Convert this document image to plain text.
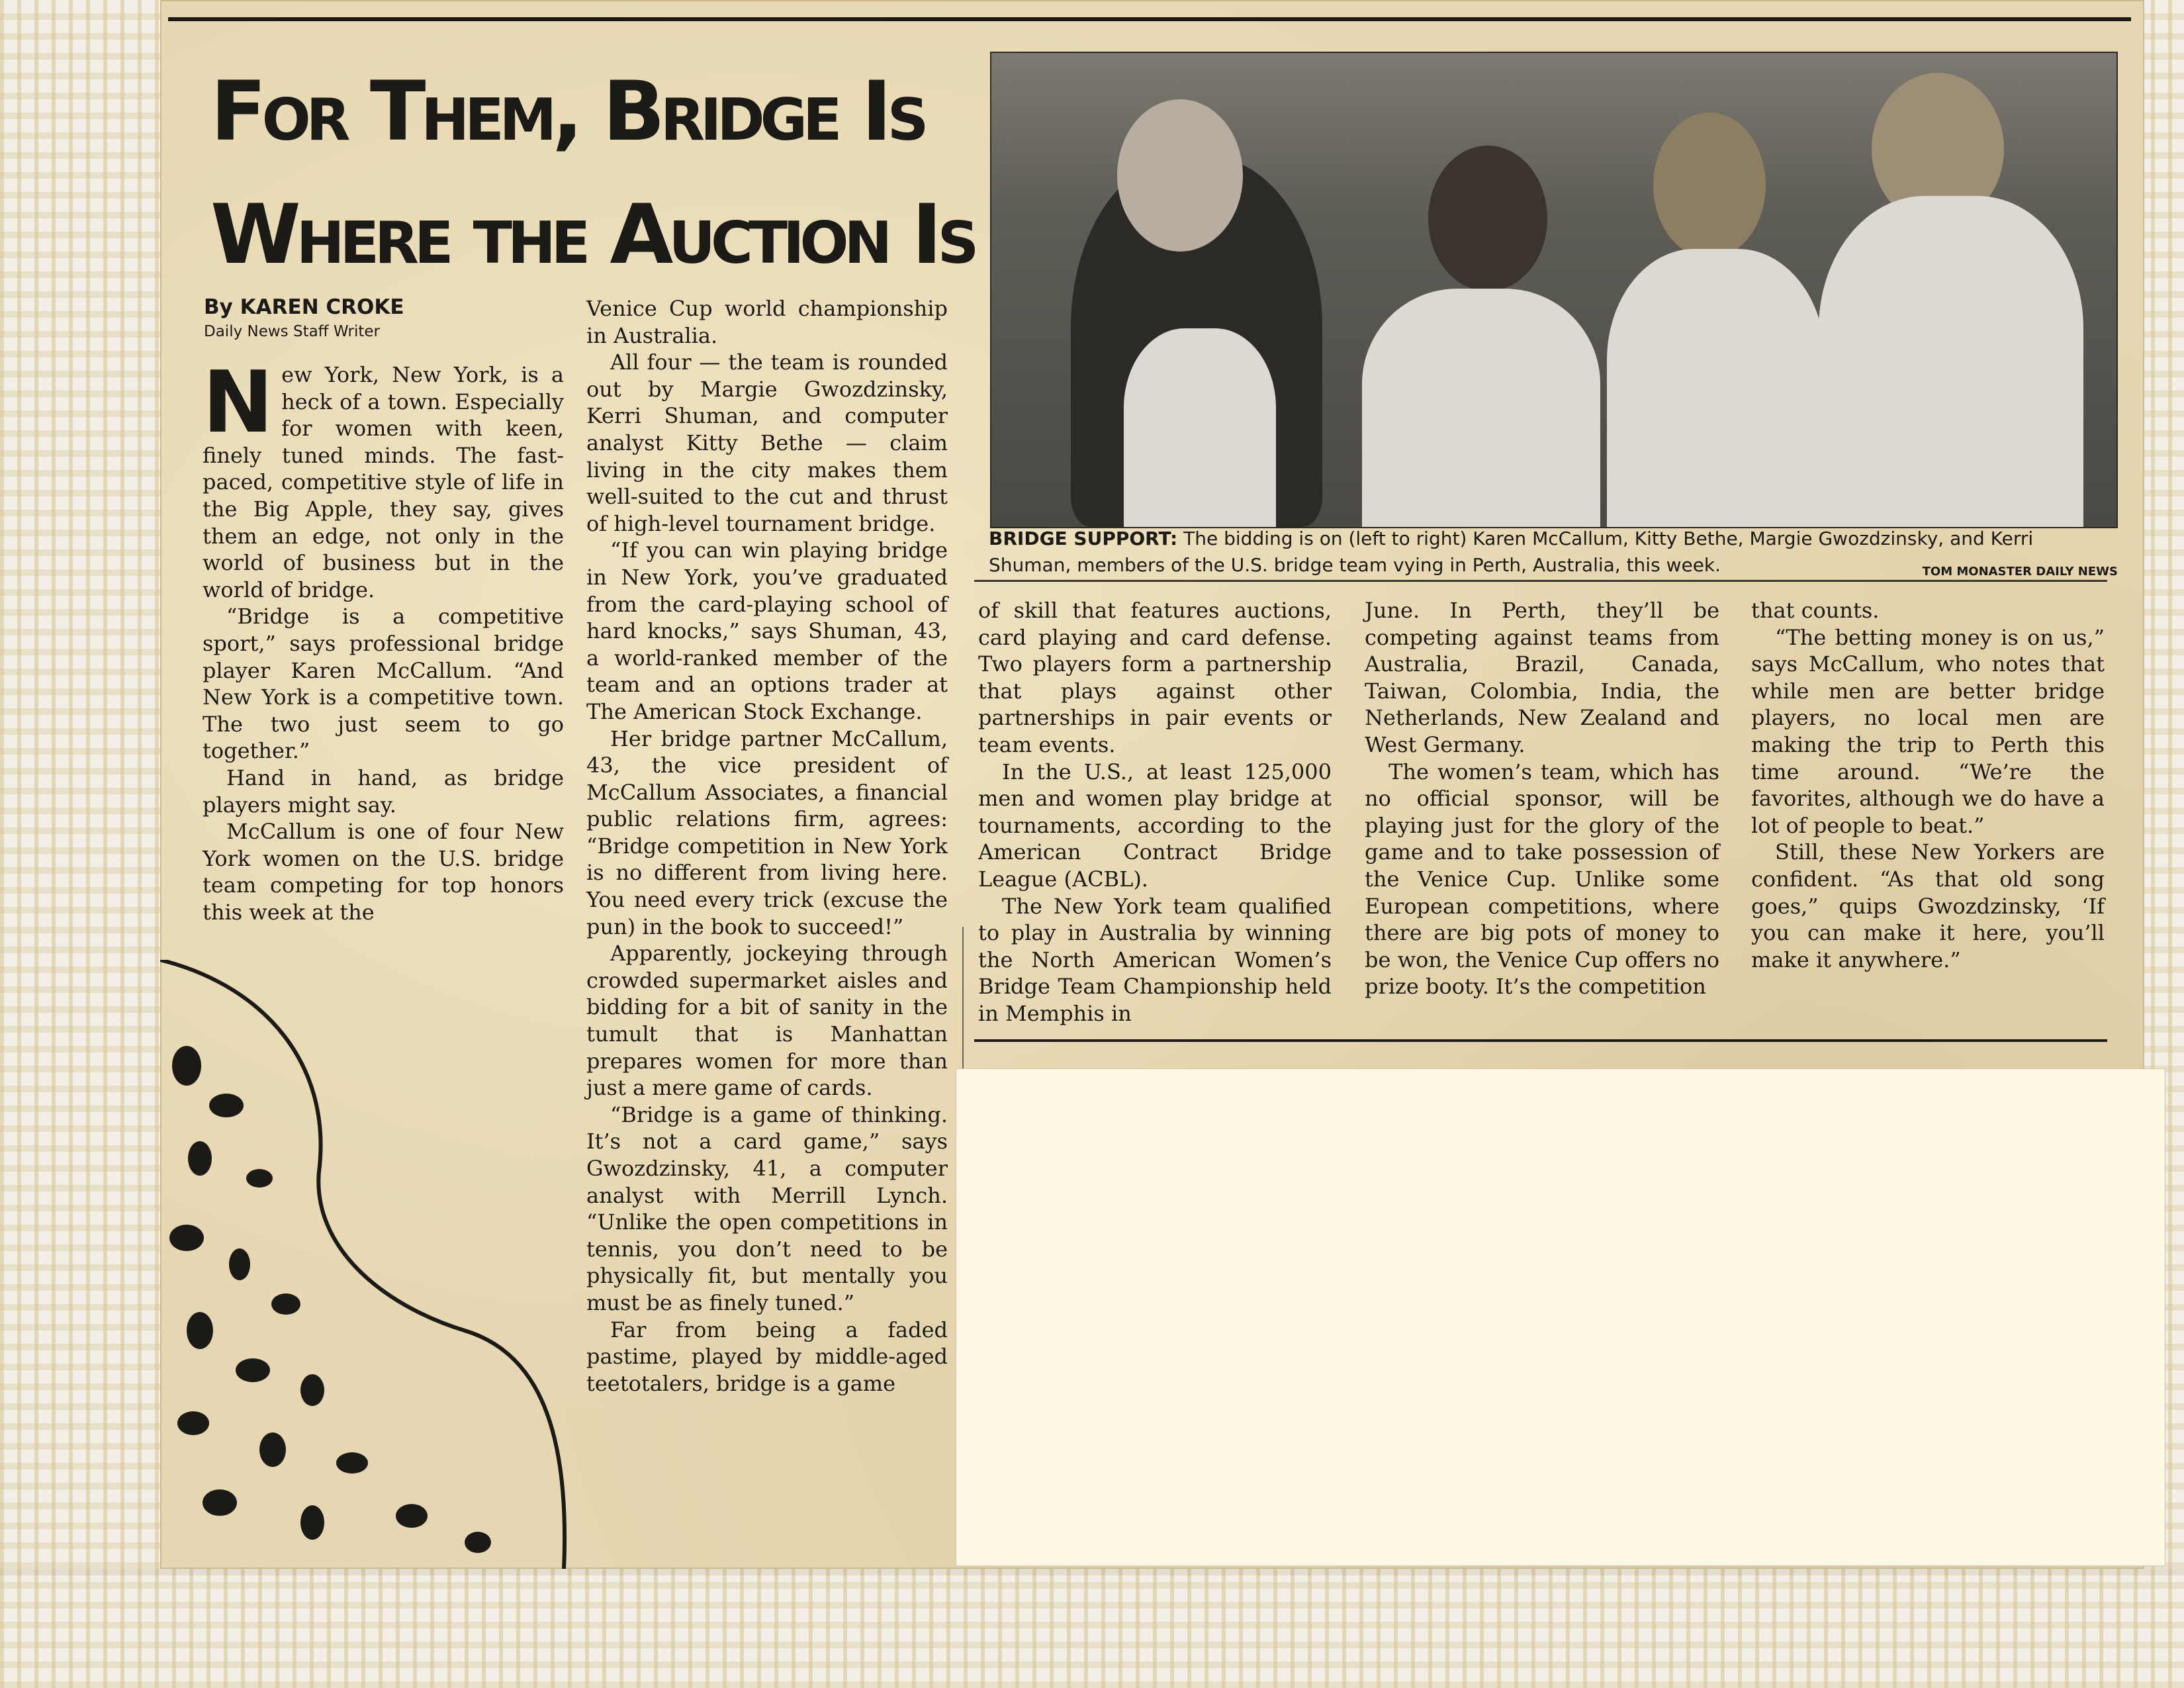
For Them, Bridge Is
Where the Auction Is
By KAREN CROKE
Daily News Staff Writer

New York, New York, is a heck of a town. Especially for women with keen, finely tuned minds. The fast-paced, competitive style of life in the Big Apple, they say, gives them an edge, not only in the world of business but in the world of bridge.

“Bridge is a competitive sport,” says professional bridge player Karen McCallum. “And New York is a competitive town. The two just seem to go together.”

Hand in hand, as bridge players might say.

McCallum is one of four New York women on the U.S. bridge team competing for top honors this week at the

Venice Cup world championship in Australia.

All four — the team is rounded out by Margie Gwozdzinsky, Kerri Shuman, and computer analyst Kitty Bethe — claim living in the city makes them well-suited to the cut and thrust of high-level tournament bridge.

“If you can win playing bridge in New York, you’ve graduated from the card-playing school of hard knocks,” says Shuman, 43, a world-ranked member of the team and an options trader at The American Stock Exchange.

Her bridge partner McCallum, 43, the vice president of McCallum Associates, a financial public relations firm, agrees: “Bridge competition in New York is no different from living here. You need every trick (excuse the pun) in the book to succeed!”

Apparently, jockeying through crowded supermarket aisles and bidding for a bit of sanity in the tumult that is Manhattan prepares women for more than just a mere game of cards.

“Bridge is a game of thinking. It’s not a card game,” says Gwozdzinsky, 41, a computer analyst with Merrill Lynch. “Unlike the open competitions in tennis, you don’t need to be physically fit, but mentally you must be as finely tuned.”

Far from being a faded pastime, played by middle-aged teetotalers, bridge is a game

BRIDGE SUPPORT: The bidding is on (left to right) Karen McCallum, Kitty Bethe, Margie Gwozdzinsky, and Kerri Shuman, members of the U.S. bridge team vying in Perth, Australia, this week.	TOM MONASTER DAILY NEWS

of skill that features auctions, card playing and card defense. Two players form a partnership that plays against other partnerships in pair events or team events.

In the U.S., at least 125,000 men and women play bridge at tournaments, according to the American Contract Bridge League (ACBL).

The New York team qualified to play in Australia by winning the North American Women’s Bridge Team Championship held in Memphis in

June. In Perth, they’ll be competing against teams from Australia, Brazil, Canada, Taiwan, Colombia, India, the Netherlands, New Zealand and West Germany.

The women’s team, which has no official sponsor, will be playing just for the glory of the game and to take possession of the Venice Cup. Unlike some European competitions, where there are big pots of money to be won, the Venice Cup offers no prize booty. It’s the competition

that counts.

“The betting money is on us,” says McCallum, who notes that while men are better bridge players, no local men are making the trip to Perth this time around. “We’re the favorites, although we do have a lot of people to beat.”

Still, these New Yorkers are confident. “As that old song goes,” quips Gwozdzinsky, ‘If you can make it here, you’ll make it anywhere.”
